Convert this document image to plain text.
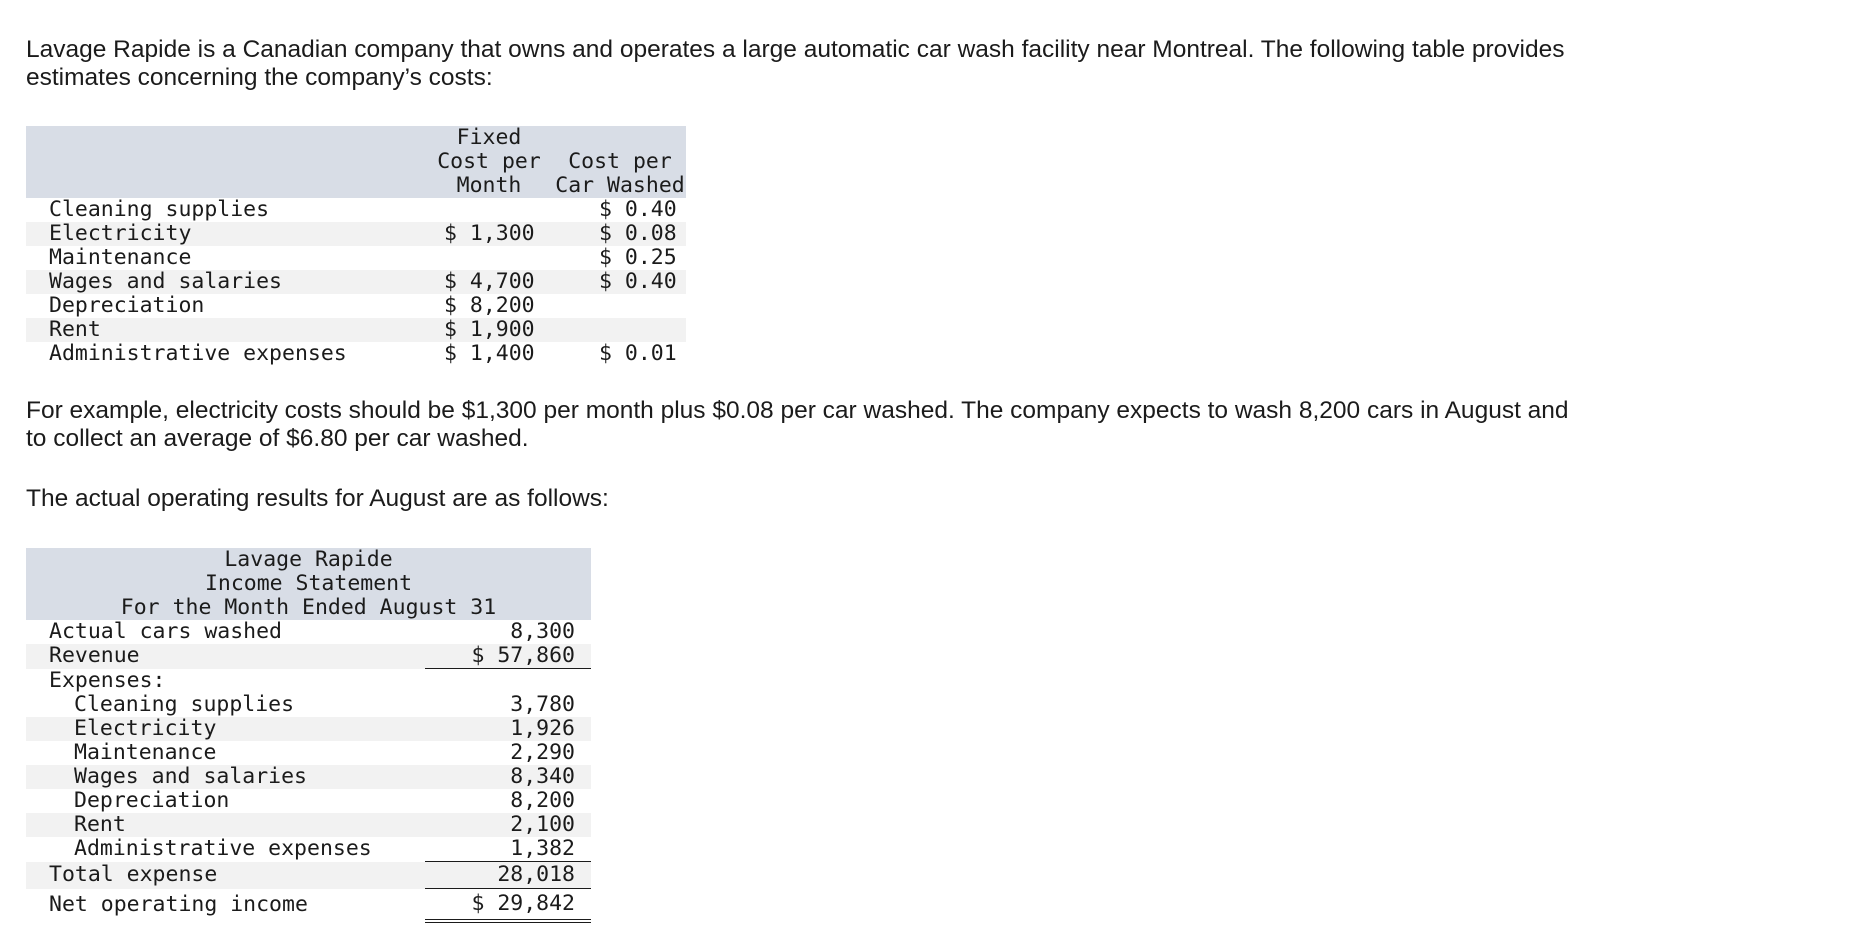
Lavage Rapide is a Canadian company that owns and operates a large automatic car wash facility near Montreal. The following table provides estimates concerning the company’s costs:

	Fixed
Cost per
Month	Cost per
Car Washed
Cleaning supplies		$ 0.40
Electricity	$ 1,300	$ 0.08
Maintenance		$ 0.25
Wages and salaries	$ 4,700	$ 0.40
Depreciation	$ 8,200	
Rent	$ 1,900	
Administrative expenses	$ 1,400	$ 0.01

For example, electricity costs should be $1,300 per month plus $0.08 per car washed. The company expects to wash 8,200 cars in August and to collect an average of $6.80 per car washed.

The actual operating results for August are as follows:

Lavage Rapide
Income Statement
For the Month Ended August 31	

Actual cars washed	8,300
Revenue	$ 57,860
Expenses:	
Cleaning supplies	3,780
Electricity	1,926
Maintenance	2,290
Wages and salaries	8,340
Depreciation	8,200
Rent	2,100
Administrative expenses	1,382
Total expense	28,018
Net operating income	$ 29,842
